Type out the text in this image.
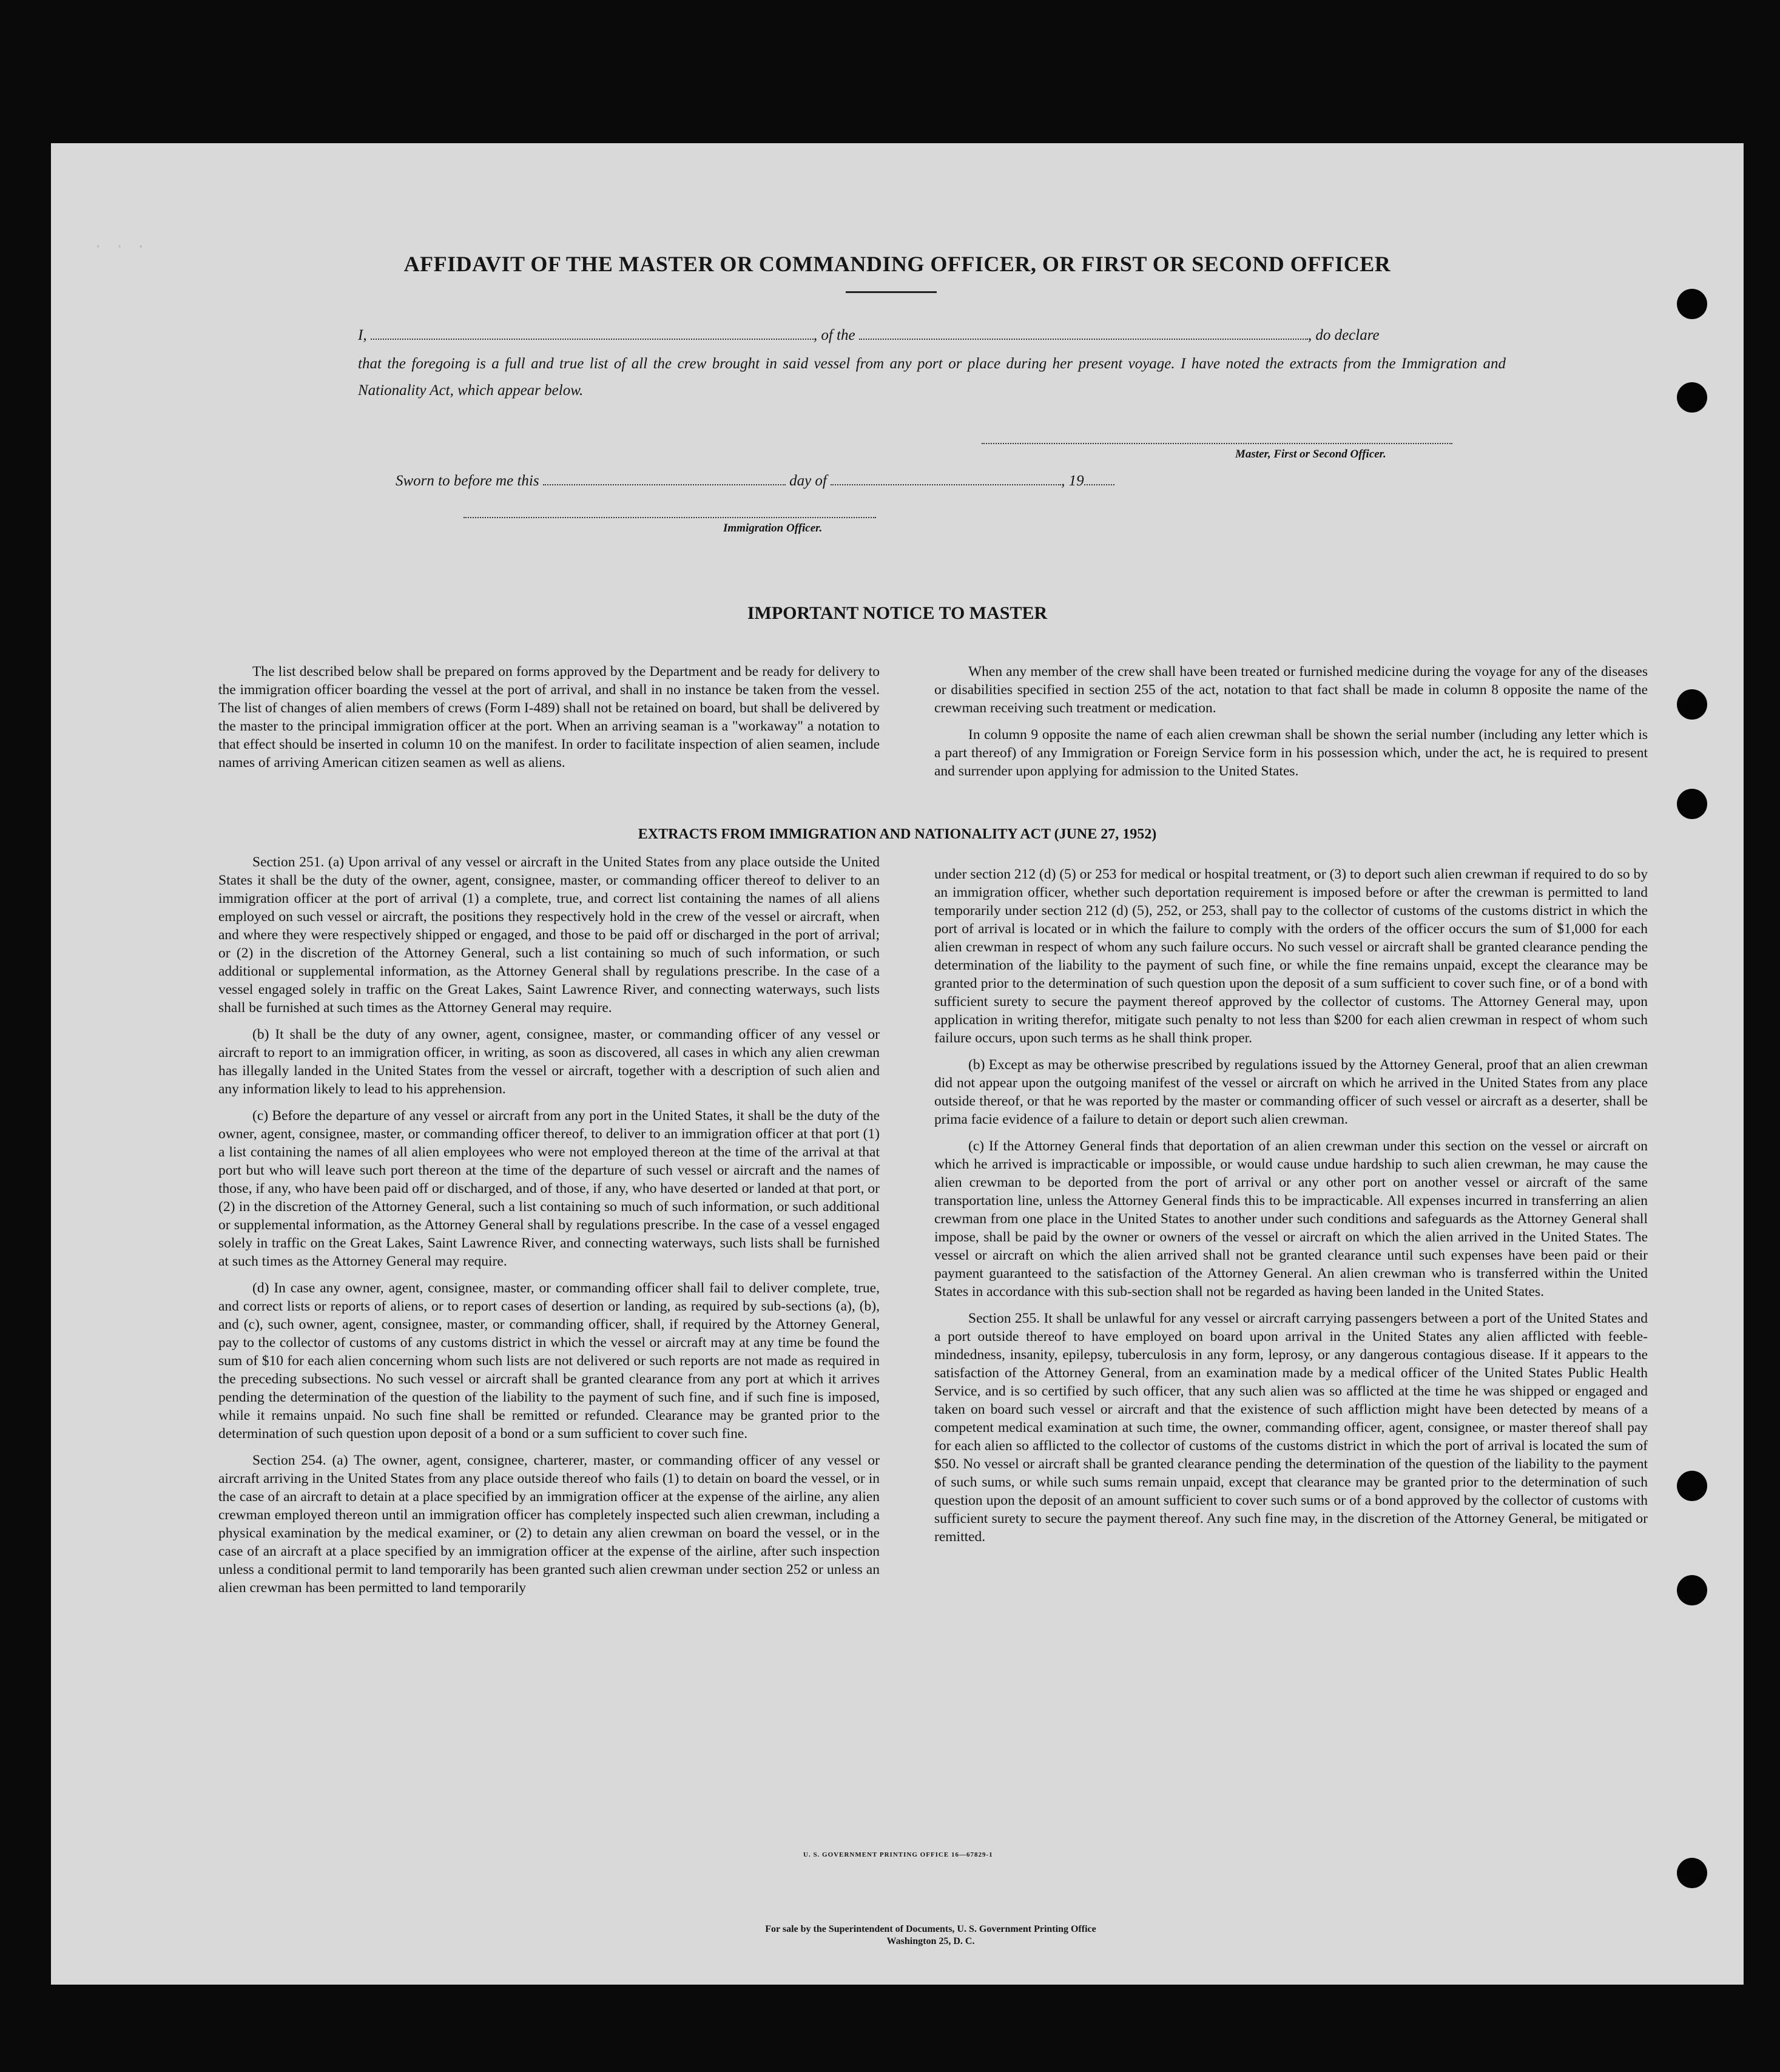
. . .
AFFIDAVIT OF THE MASTER OR COMMANDING OFFICER, OR FIRST OR SECOND OFFICER
I,	, of the	, do declare
that the foregoing is a full and true list of all the crew brought in said vessel from any port or place during her present voyage. I have noted the extracts from the Immigration and Nationality Act, which appear below.
Master, First or Second Officer.
Sworn to before me this	day of	, 19
Immigration Officer.
IMPORTANT NOTICE TO MASTER

The list described below shall be prepared on forms approved by the Department and be ready for delivery to the immigration officer boarding the vessel at the port of arrival, and shall in no instance be taken from the vessel. The list of changes of alien members of crews (Form I-489) shall not be retained on board, but shall be delivered by the master to the principal immigration officer at the port. When an arriving seaman is a "workaway" a notation to that effect should be inserted in column 10 on the manifest. In order to facilitate inspection of alien seamen, include names of arriving American citizen seamen as well as aliens.

When any member of the crew shall have been treated or furnished medicine during the voyage for any of the diseases or disabilities specified in section 255 of the act, notation to that fact shall be made in column 8 opposite the name of the crewman receiving such treatment or medication.

In column 9 opposite the name of each alien crewman shall be shown the serial number (including any letter which is a part thereof) of any Immigration or Foreign Service form in his possession which, under the act, he is required to present and surrender upon applying for admission to the United States.

EXTRACTS FROM IMMIGRATION AND NATIONALITY ACT (JUNE 27, 1952)

Section 251. (a) Upon arrival of any vessel or aircraft in the United States from any place outside the United States it shall be the duty of the owner, agent, consignee, master, or commanding officer thereof to deliver to an immigration officer at the port of arrival (1) a complete, true, and correct list containing the names of all aliens employed on such vessel or aircraft, the positions they respectively hold in the crew of the vessel or aircraft, when and where they were respectively shipped or engaged, and those to be paid off or discharged in the port of arrival; or (2) in the discretion of the Attorney General, such a list containing so much of such information, or such additional or supplemental information, as the Attorney General shall by regulations prescribe. In the case of a vessel engaged solely in traffic on the Great Lakes, Saint Lawrence River, and connecting waterways, such lists shall be furnished at such times as the Attorney General may require.

(b) It shall be the duty of any owner, agent, consignee, master, or commanding officer of any vessel or aircraft to report to an immigration officer, in writing, as soon as discovered, all cases in which any alien crewman has illegally landed in the United States from the vessel or aircraft, together with a description of such alien and any information likely to lead to his apprehension.

(c) Before the departure of any vessel or aircraft from any port in the United States, it shall be the duty of the owner, agent, consignee, master, or commanding officer thereof, to deliver to an immigration officer at that port (1) a list containing the names of all alien employees who were not employed thereon at the time of the arrival at that port but who will leave such port thereon at the time of the departure of such vessel or aircraft and the names of those, if any, who have been paid off or discharged, and of those, if any, who have deserted or landed at that port, or (2) in the discretion of the Attorney General, such a list containing so much of such information, or such additional or supplemental information, as the Attorney General shall by regulations prescribe. In the case of a vessel engaged solely in traffic on the Great Lakes, Saint Lawrence River, and connecting waterways, such lists shall be furnished at such times as the Attorney General may require.

(d) In case any owner, agent, consignee, master, or commanding officer shall fail to deliver complete, true, and correct lists or reports of aliens, or to report cases of desertion or landing, as required by sub-sections (a), (b), and (c), such owner, agent, consignee, master, or commanding officer, shall, if required by the Attorney General, pay to the collector of customs of any customs district in which the vessel or aircraft may at any time be found the sum of $10 for each alien concerning whom such lists are not delivered or such reports are not made as required in the preceding subsections. No such vessel or aircraft shall be granted clearance from any port at which it arrives pending the determination of the question of the liability to the payment of such fine, and if such fine is imposed, while it remains unpaid. No such fine shall be remitted or refunded. Clearance may be granted prior to the determination of such question upon deposit of a bond or a sum sufficient to cover such fine.

Section 254. (a) The owner, agent, consignee, charterer, master, or commanding officer of any vessel or aircraft arriving in the United States from any place outside thereof who fails (1) to detain on board the vessel, or in the case of an aircraft to detain at a place specified by an immigration officer at the expense of the airline, any alien crewman employed thereon until an immigration officer has completely inspected such alien crewman, including a physical examination by the medical examiner, or (2) to detain any alien crewman on board the vessel, or in the case of an aircraft at a place specified by an immigration officer at the expense of the airline, after such inspection unless a conditional permit to land temporarily has been granted such alien crewman under section 252 or unless an alien crewman has been permitted to land temporarily

under section 212 (d) (5) or 253 for medical or hospital treatment, or (3) to deport such alien crewman if required to do so by an immigration officer, whether such deportation requirement is imposed before or after the crewman is permitted to land temporarily under section 212 (d) (5), 252, or 253, shall pay to the collector of customs of the customs district in which the port of arrival is located or in which the failure to comply with the orders of the officer occurs the sum of $1,000 for each alien crewman in respect of whom any such failure occurs. No such vessel or aircraft shall be granted clearance pending the determination of the liability to the payment of such fine, or while the fine remains unpaid, except the clearance may be granted prior to the determination of such question upon the deposit of a sum sufficient to cover such fine, or of a bond with sufficient surety to secure the payment thereof approved by the collector of customs. The Attorney General may, upon application in writing therefor, mitigate such penalty to not less than $200 for each alien crewman in respect of whom such failure occurs, upon such terms as he shall think proper.

(b) Except as may be otherwise prescribed by regulations issued by the Attorney General, proof that an alien crewman did not appear upon the outgoing manifest of the vessel or aircraft on which he arrived in the United States from any place outside thereof, or that he was reported by the master or commanding officer of such vessel or aircraft as a deserter, shall be prima facie evidence of a failure to detain or deport such alien crewman.

(c) If the Attorney General finds that deportation of an alien crewman under this section on the vessel or aircraft on which he arrived is impracticable or impossible, or would cause undue hardship to such alien crewman, he may cause the alien crewman to be deported from the port of arrival or any other port on another vessel or aircraft of the same transportation line, unless the Attorney General finds this to be impracticable. All expenses incurred in transferring an alien crewman from one place in the United States to another under such conditions and safeguards as the Attorney General shall impose, shall be paid by the owner or owners of the vessel or aircraft on which the alien arrived in the United States. The vessel or aircraft on which the alien arrived shall not be granted clearance until such expenses have been paid or their payment guaranteed to the satisfaction of the Attorney General. An alien crewman who is transferred within the United States in accordance with this sub-section shall not be regarded as having been landed in the United States.

Section 255. It shall be unlawful for any vessel or aircraft carrying passengers between a port of the United States and a port outside thereof to have employed on board upon arrival in the United States any alien afflicted with feeble-mindedness, insanity, epilepsy, tuberculosis in any form, leprosy, or any dangerous contagious disease. If it appears to the satisfaction of the Attorney General, from an examination made by a medical officer of the United States Public Health Service, and is so certified by such officer, that any such alien was so afflicted at the time he was shipped or engaged and taken on board such vessel or aircraft and that the existence of such affliction might have been detected by means of a competent medical examination at such time, the owner, commanding officer, agent, consignee, or master thereof shall pay for each alien so afflicted to the collector of customs of the customs district in which the port of arrival is located the sum of $50. No vessel or aircraft shall be granted clearance pending the determination of the question of the liability to the payment of such sums, or while such sums remain unpaid, except that clearance may be granted prior to the determination of such question upon the deposit of an amount sufficient to cover such sums or of a bond approved by the collector of customs with sufficient surety to secure the payment thereof. Any such fine may, in the discretion of the Attorney General, be mitigated or remitted.

U. S. GOVERNMENT PRINTING OFFICE 16—67829-1
For sale by the Superintendent of Documents, U. S. Government Printing Office
Washington 25, D. C.
